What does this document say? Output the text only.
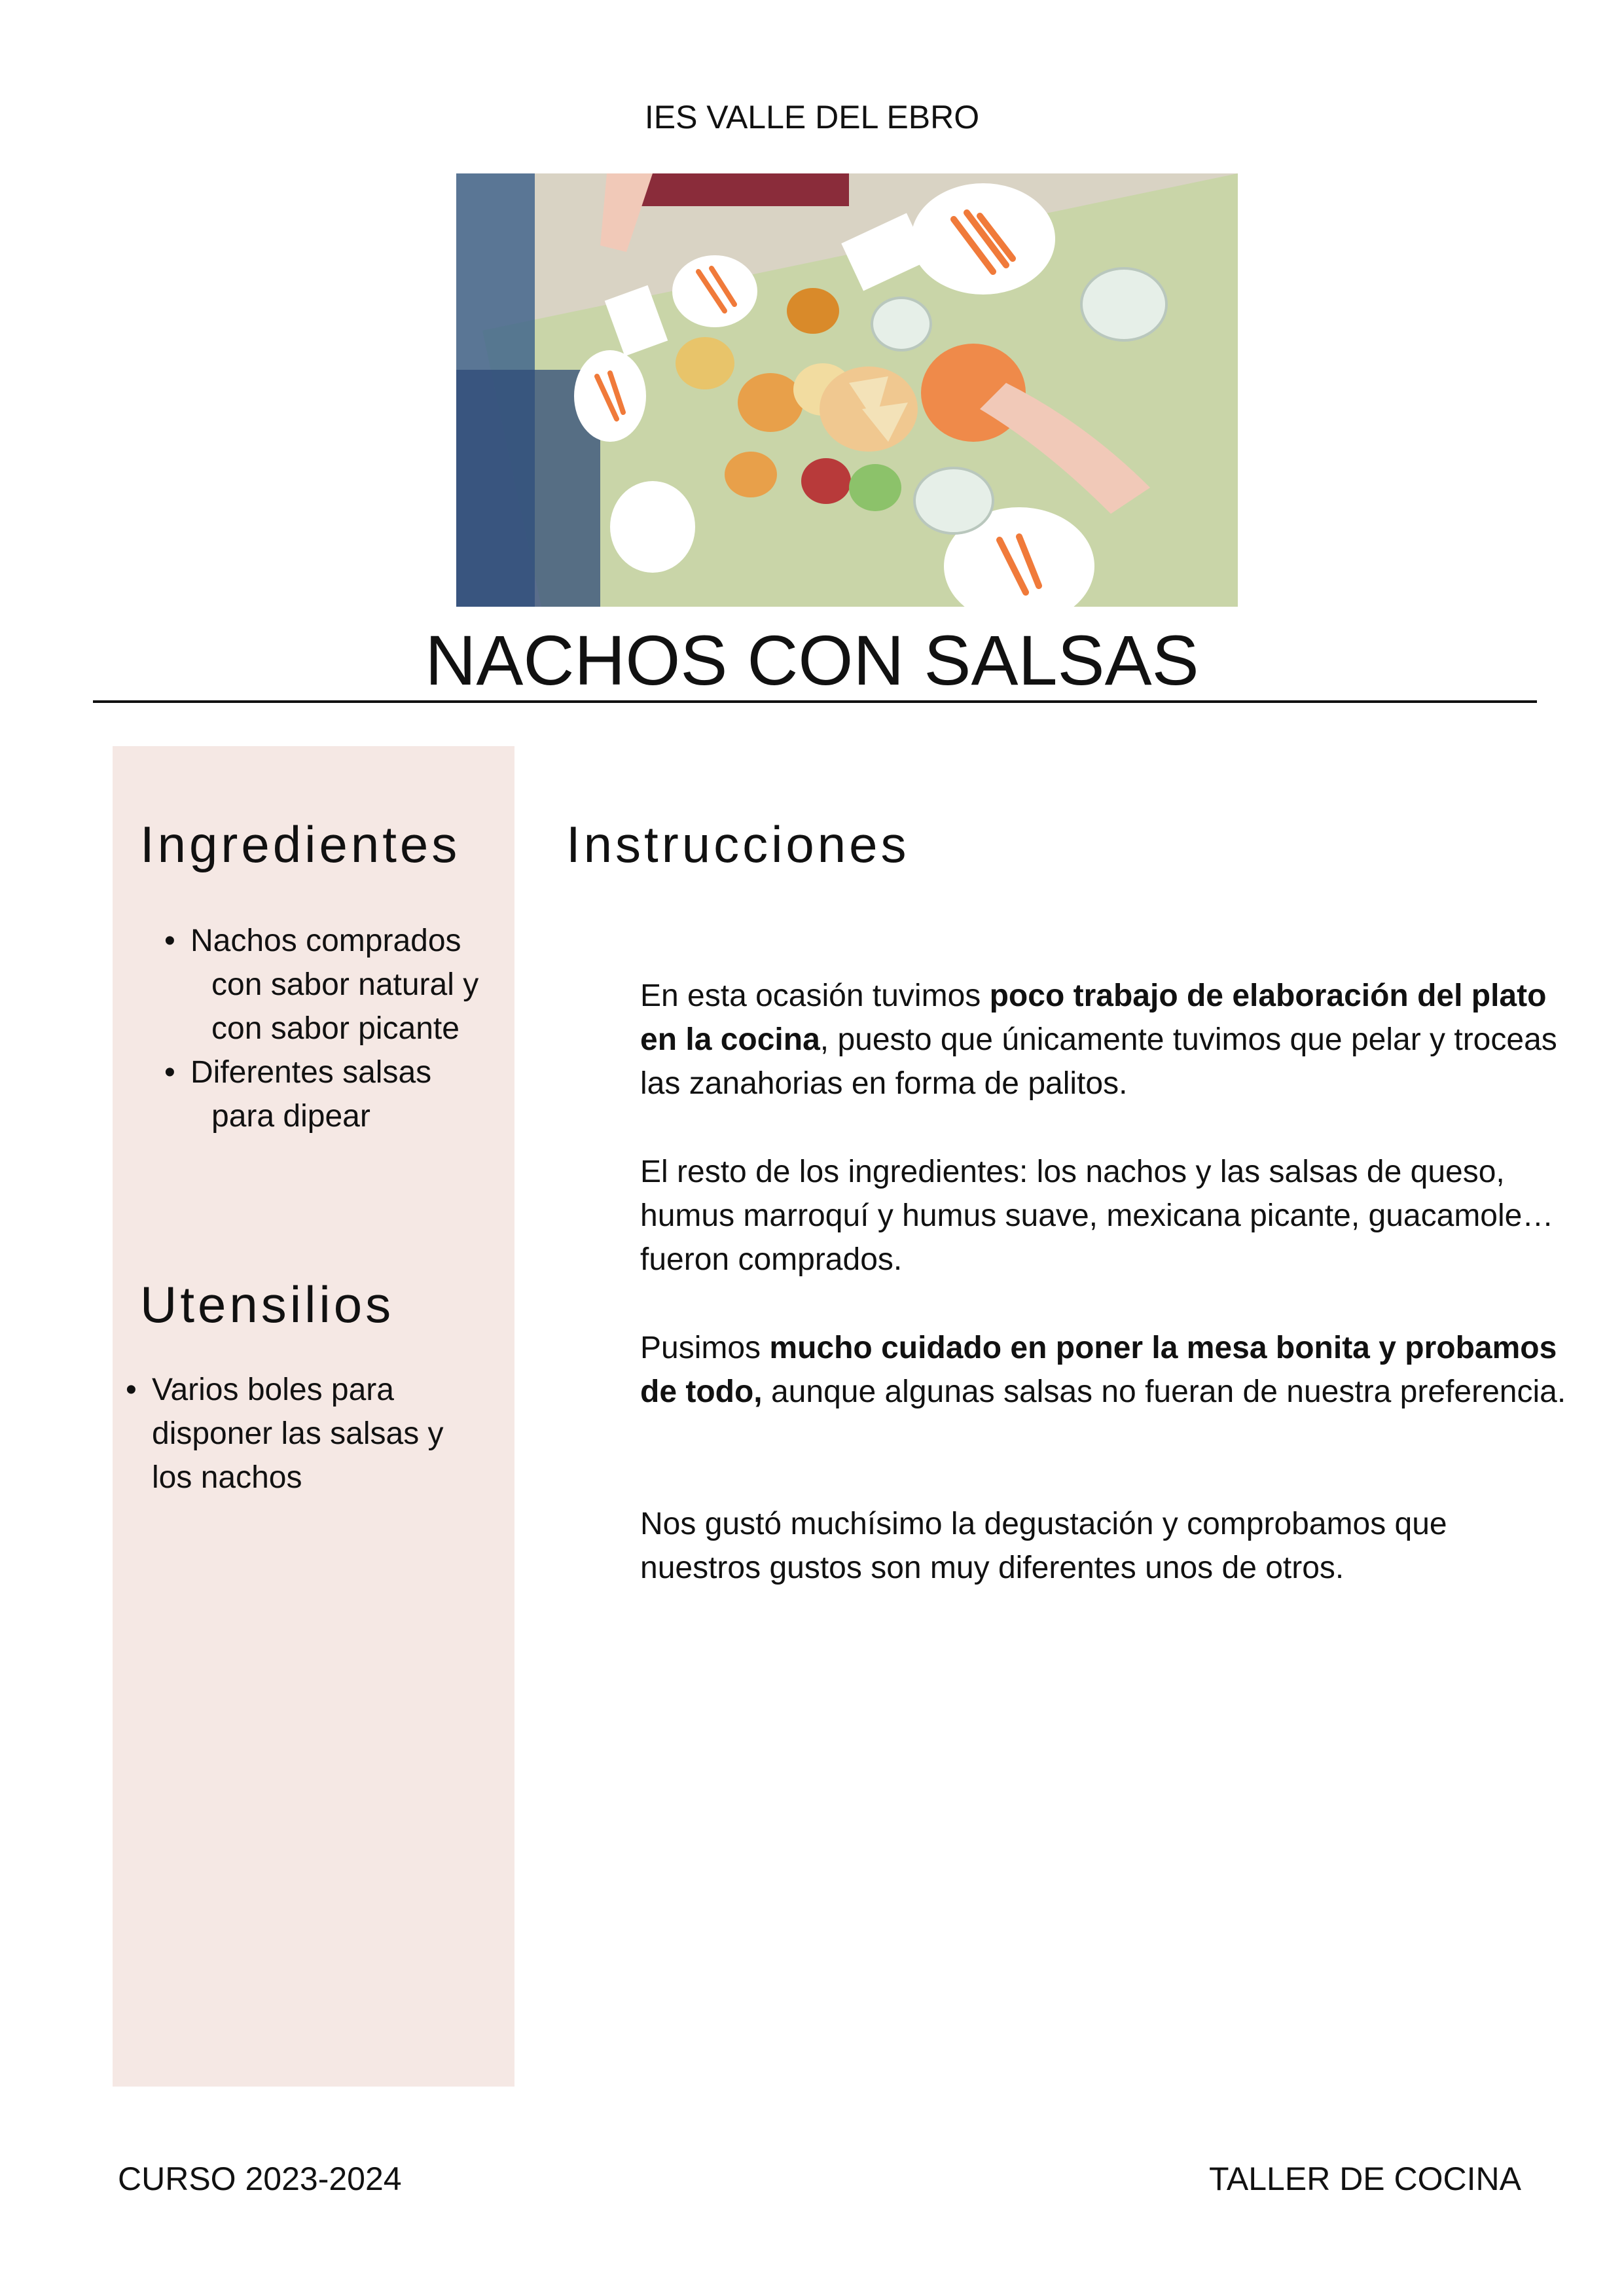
IES VALLE DEL EBRO
NACHOS CON SALSAS
Ingredientes
• Nachos comprados
con sabor natural y
con sabor picante
• Diferentes salsas
para dipear
Utensilios
• Varios boles para
disponer las salsas y
los nachos
Instrucciones

En esta ocasión tuvimos poco trabajo de elaboración del plato en la cocina, puesto que únicamente tuvimos que pelar y troceas las zanahorias en forma de palitos.

El resto de los ingredientes: los nachos y las salsas de queso, humus marroquí y humus suave, mexicana picante, guacamole… fueron comprados.

Pusimos mucho cuidado en poner la mesa bonita y probamos de todo, aunque algunas salsas no fueran de nuestra preferencia.

Nos gustó muchísimo la degustación y comprobamos que nuestros gustos son muy diferentes unos de otros.

CURSO 2023-2024	TALLER DE COCINA
